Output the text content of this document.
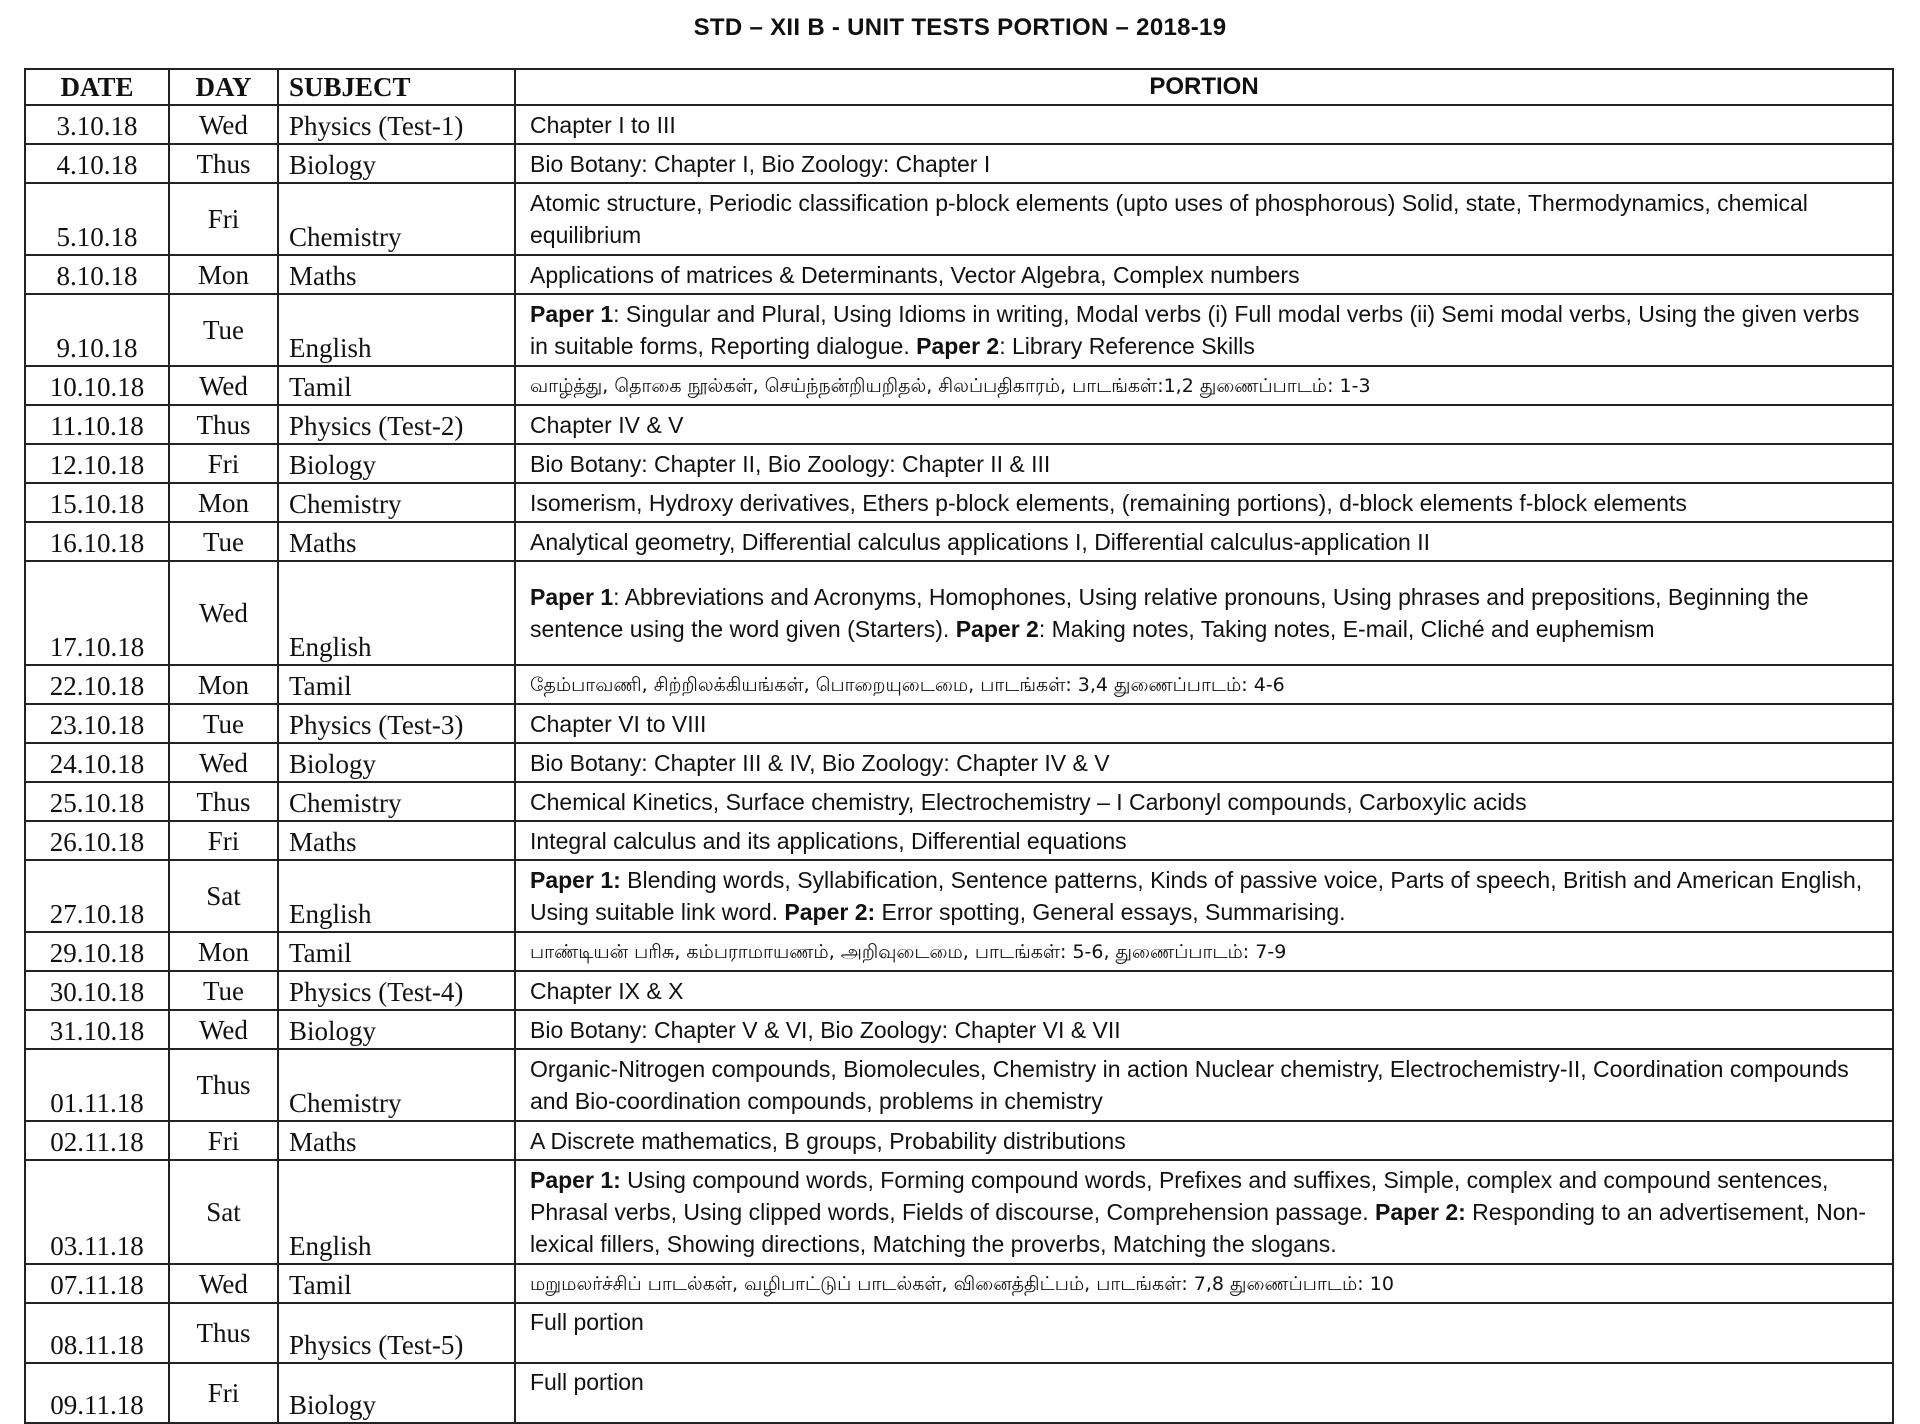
STD – XII B - UNIT TESTS PORTION – 2018-19
DATE	DAY	SUBJECT	PORTION
3.10.18	Wed	Physics (Test-1)	Chapter I to III
4.10.18	Thus	Biology	Bio Botany: Chapter I, Bio Zoology: Chapter I
5.10.18	Fri	Chemistry	Atomic structure, Periodic classification p-block elements (upto uses of phosphorous) Solid, state, Thermodynamics, chemical equilibrium
8.10.18	Mon	Maths	Applications of matrices & Determinants, Vector Algebra, Complex numbers
9.10.18	Tue	English	Paper 1: Singular and Plural, Using Idioms in writing, Modal verbs (i) Full modal verbs (ii) Semi modal verbs, Using the given verbs in suitable forms, Reporting dialogue. Paper 2: Library Reference Skills
10.10.18	Wed	Tamil	வாழ்த்து, தொகை நூல்கள், செய்ந்நன்றியறிதல், சிலப்பதிகாரம், பாடங்கள்:1,2 துணைப்பாடம்: 1-3
11.10.18	Thus	Physics (Test-2)	Chapter IV & V
12.10.18	Fri	Biology	Bio Botany: Chapter II, Bio Zoology: Chapter II & III
15.10.18	Mon	Chemistry	Isomerism, Hydroxy derivatives, Ethers p-block elements, (remaining portions), d-block elements f-block elements
16.10.18	Tue	Maths	Analytical geometry, Differential calculus applications I, Differential calculus-application II
17.10.18	Wed	English	Paper 1: Abbreviations and Acronyms, Homophones, Using relative pronouns, Using phrases and prepositions, Beginning the sentence using the word given (Starters). Paper 2: Making notes, Taking notes, E-mail, Cliché and euphemism
22.10.18	Mon	Tamil	தேம்பாவணி, சிற்றிலக்கியங்கள், பொறையுடைமை, பாடங்கள்: 3,4 துணைப்பாடம்: 4-6
23.10.18	Tue	Physics (Test-3)	Chapter VI to VIII
24.10.18	Wed	Biology	Bio Botany: Chapter III & IV, Bio Zoology: Chapter IV & V
25.10.18	Thus	Chemistry	Chemical Kinetics, Surface chemistry, Electrochemistry – I Carbonyl compounds, Carboxylic acids
26.10.18	Fri	Maths	Integral calculus and its applications, Differential equations
27.10.18	Sat	English	Paper 1: Blending words, Syllabification, Sentence patterns, Kinds of passive voice, Parts of speech, British and American English, Using suitable link word. Paper 2: Error spotting, General essays, Summarising.
29.10.18	Mon	Tamil	பாண்டியன் பரிசு, கம்பராமாயணம், அறிவுடைமை, பாடங்கள்: 5-6, துணைப்பாடம்: 7-9
30.10.18	Tue	Physics (Test-4)	Chapter IX & X
31.10.18	Wed	Biology	Bio Botany: Chapter V & VI, Bio Zoology: Chapter VI & VII
01.11.18	Thus	Chemistry	Organic-Nitrogen compounds, Biomolecules, Chemistry in action Nuclear chemistry, Electrochemistry-II, Coordination compounds and Bio-coordination compounds, problems in chemistry
02.11.18	Fri	Maths	A Discrete mathematics, B groups, Probability distributions
03.11.18	Sat	English	Paper 1: Using compound words, Forming compound words, Prefixes and suffixes, Simple, complex and compound sentences, Phrasal verbs, Using clipped words, Fields of discourse, Comprehension passage. Paper 2: Responding to an advertisement, Non-lexical fillers, Showing directions, Matching the proverbs, Matching the slogans.
07.11.18	Wed	Tamil	மறுமலர்ச்சிப் பாடல்கள், வழிபாட்டுப் பாடல்கள், வினைத்திட்பம், பாடங்கள்: 7,8 துணைப்பாடம்: 10
08.11.18	Thus	Physics (Test-5)	Full portion
09.11.18	Fri	Biology	Full portion
